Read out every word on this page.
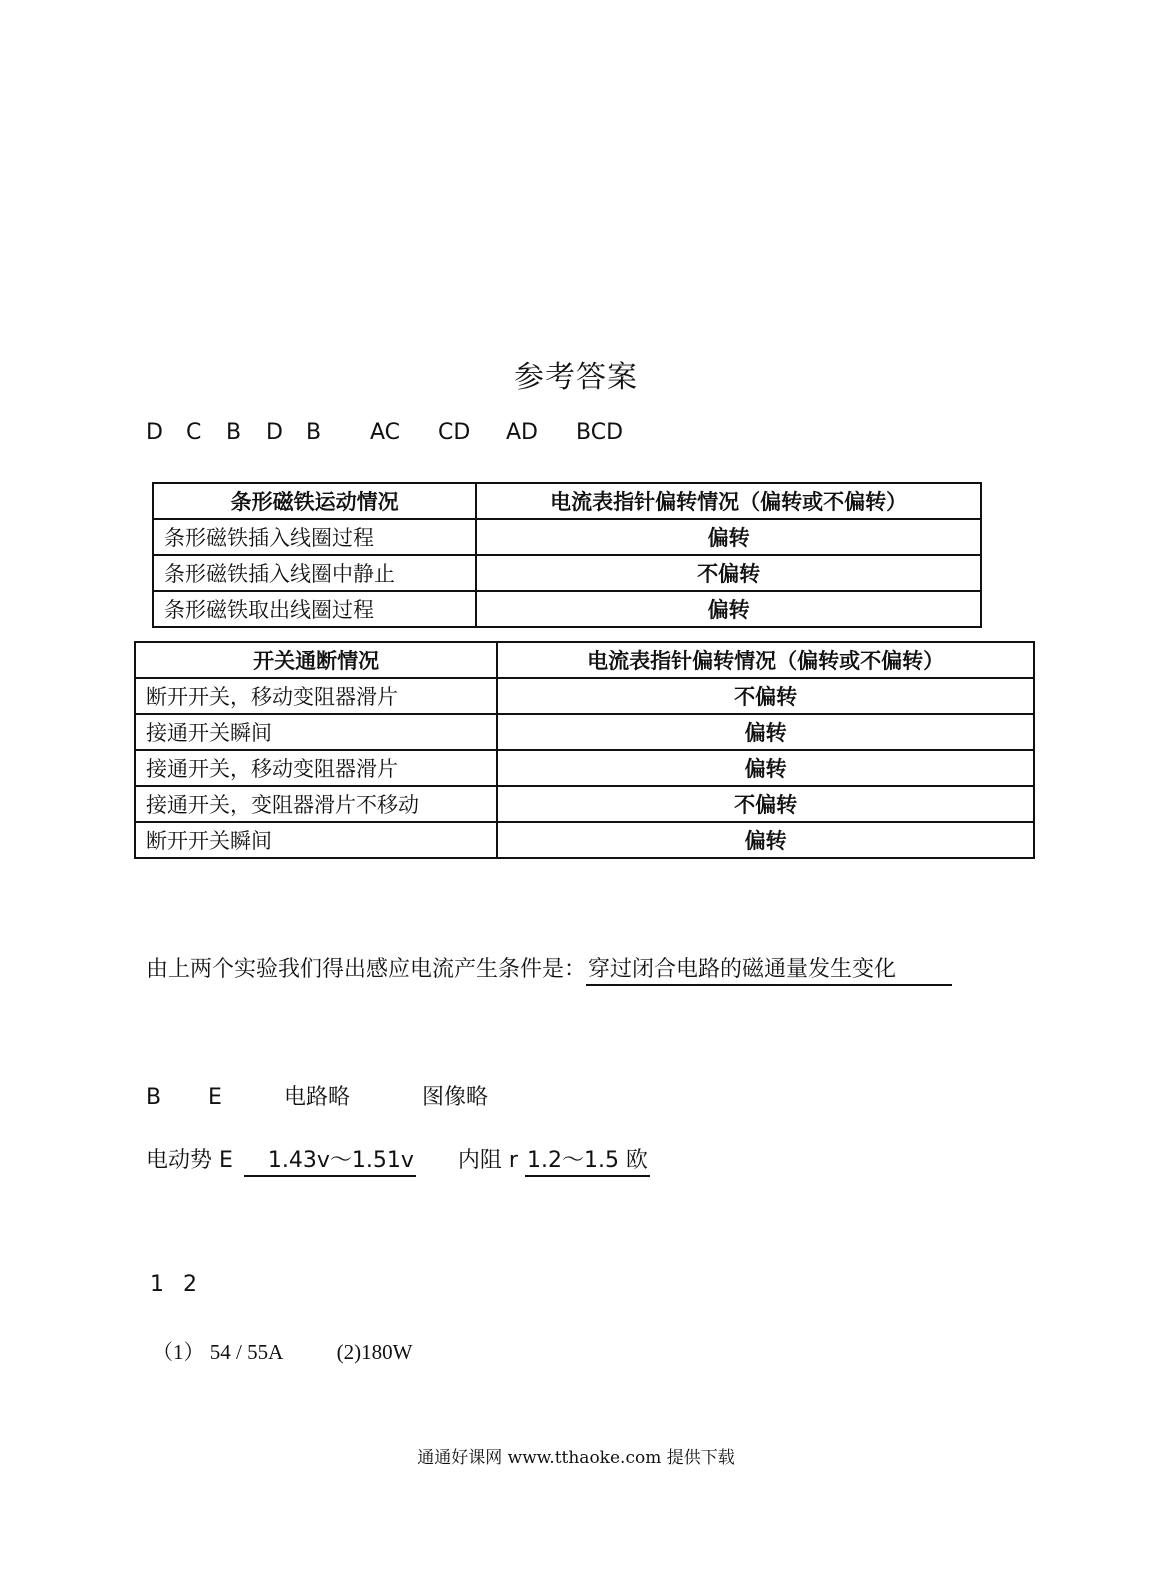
参考答案
D C B D B AC CD AD BCD
条形磁铁运动情况	电流表指针偏转情况（偏转或不偏转）
条形磁铁插入线圈过程	偏转
条形磁铁插入线圈中静止	不偏转
条形磁铁取出线圈过程	偏转
开关通断情况	电流表指针偏转情况（偏转或不偏转）
断开开关，移动变阻器滑片	不偏转
接通开关瞬间	偏转
接通开关，移动变阻器滑片	偏转
接通开关，变阻器滑片不移动	不偏转
断开开关瞬间	偏转
由上两个实验我们得出感应电流产生条件是：穿过闭合电路的磁通量发生变化
B E	电路略	图像略
电动势 E 1.43v～1.51v 内阻 r 1.2～1.5 欧
1 2
（1） 54 / 55A	(2)180W
通通好课网 www.tthaoke.com 提供下载
